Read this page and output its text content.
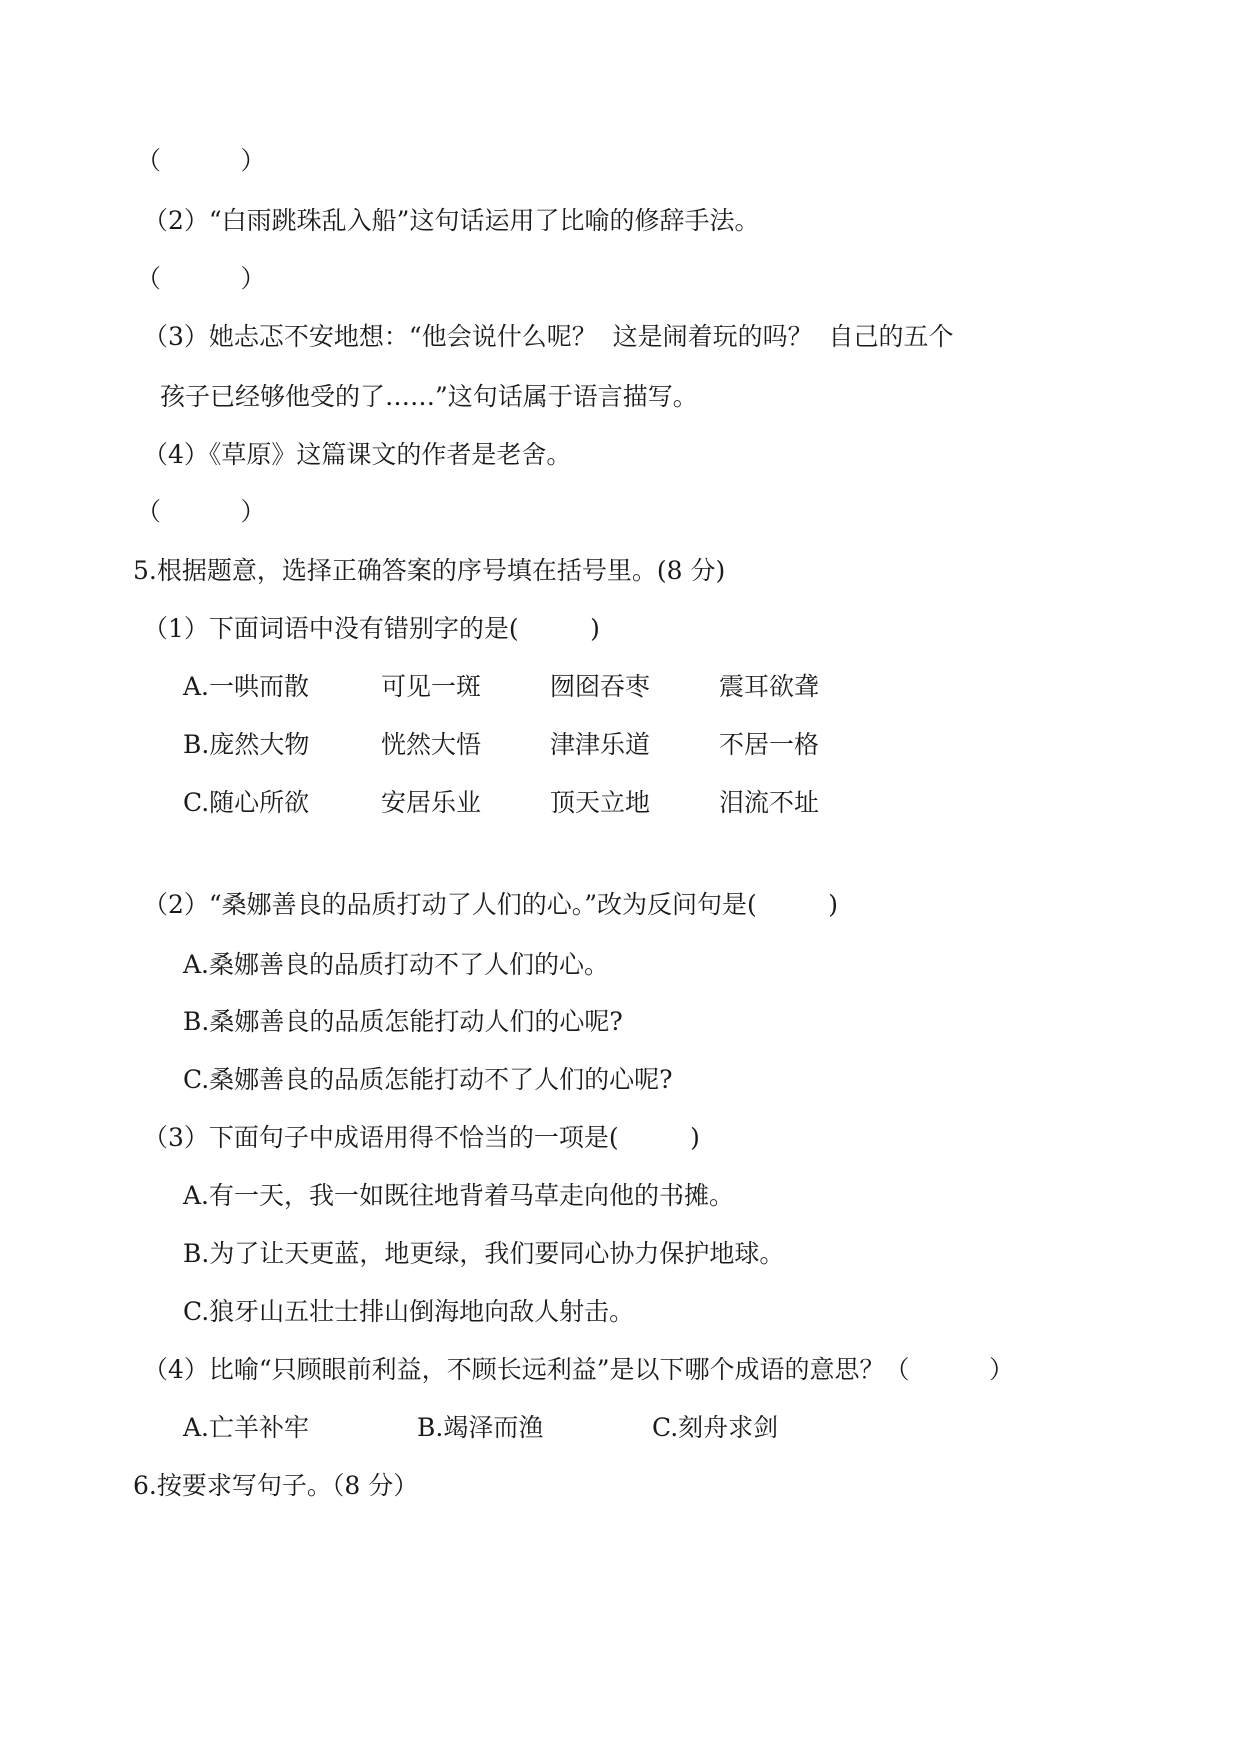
（          ）
（2）“白雨跳珠乱入船”这句话运用了比喻的修辞手法。
（          ）
（3）她忐忑不安地想：“他会说什么呢？  这是闹着玩的吗？  自己的五个
孩子已经够他受的了……”这句话属于语言描写。
（4）《草原》这篇课文的作者是老舍。
（          ）
5.根据题意，选择正确答案的序号填在括号里。(8 分)
（1）下面词语中没有错别字的是(         )
A.一哄而散	可见一斑	囫囵吞枣	震耳欲聋
B.庞然大物	恍然大悟	津津乐道	不居一格
C.随心所欲	安居乐业	顶天立地	泪流不址
（2）“桑娜善良的品质打动了人们的心。”改为反问句是(         )
A.桑娜善良的品质打动不了人们的心。
B.桑娜善良的品质怎能打动人们的心呢?
C.桑娜善良的品质怎能打动不了人们的心呢?
（3）下面句子中成语用得不恰当的一项是(         )
A.有一天，我一如既往地背着马草走向他的书摊。
B.为了让天更蓝，地更绿，我们要同心协力保护地球。
C.狼牙山五壮士排山倒海地向敌人射击。
（4）比喻“只顾眼前利益，不顾长远利益”是以下哪个成语的意思？（          ）
A.亡羊补牢	B.竭泽而渔	C.刻舟求剑
6.按要求写句子。（8 分）
